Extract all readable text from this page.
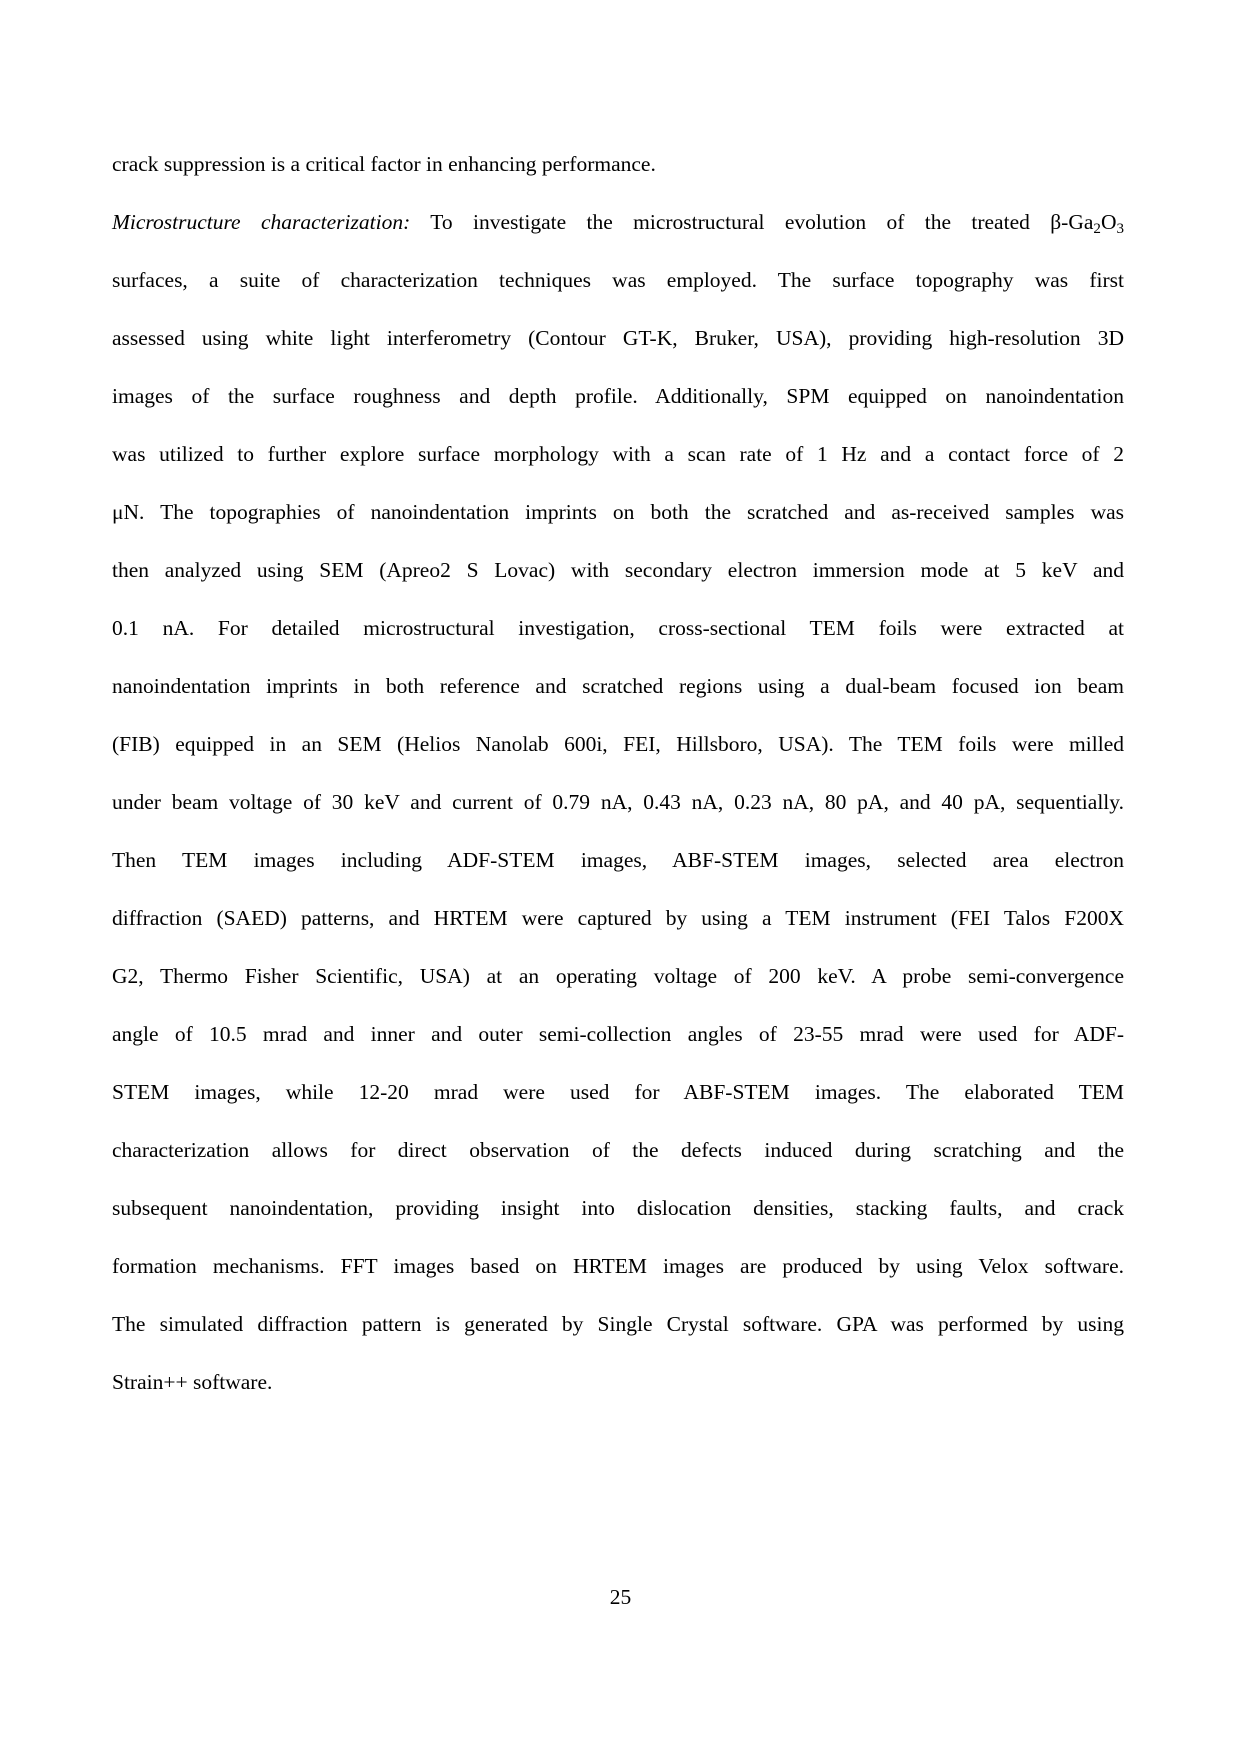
crack suppression is a critical factor in enhancing performance.
Microstructure characterization: To investigate the microstructural evolution of the treated $\beta-Ga_2O_3$
surfaces, a suite of characterization techniques was employed. The surface topography was first
assessed using white light interferometry (Contour GT-K, Bruker, USA), providing high-resolution 3D
images of the surface roughness and depth profile. Additionally, SPM equipped on nanoindentation
was utilized to further explore surface morphology with a scan rate of 1 Hz and a contact force of 2
μN. The topographies of nanoindentation imprints on both the scratched and as-received samples was
then analyzed using SEM (Apreo2 S Lovac) with secondary electron immersion mode at 5 keV and
0.1 nA. For detailed microstructural investigation, cross-sectional TEM foils were extracted at
nanoindentation imprints in both reference and scratched regions using a dual-beam focused ion beam
(FIB) equipped in an SEM (Helios Nanolab 600i, FEI, Hillsboro, USA). The TEM foils were milled
under beam voltage of 30 keV and current of 0.79 nA, 0.43 nA, 0.23 nA, 80 pA, and 40 pA, sequentially.
Then TEM images including ADF-STEM images, ABF-STEM images, selected area electron
diffraction (SAED) patterns, and HRTEM were captured by using a TEM instrument (FEI Talos F200X
G2, Thermo Fisher Scientific, USA) at an operating voltage of 200 keV. A probe semi-convergence
angle of 10.5 mrad and inner and outer semi-collection angles of 23-55 mrad were used for ADF-
STEM images, while 12-20 mrad were used for ABF-STEM images. The elaborated TEM
characterization allows for direct observation of the defects induced during scratching and the
subsequent nanoindentation, providing insight into dislocation densities, stacking faults, and crack
formation mechanisms. FFT images based on HRTEM images are produced by using Velox software.
The simulated diffraction pattern is generated by Single Crystal software. GPA was performed by using
Strain++ software.
25
